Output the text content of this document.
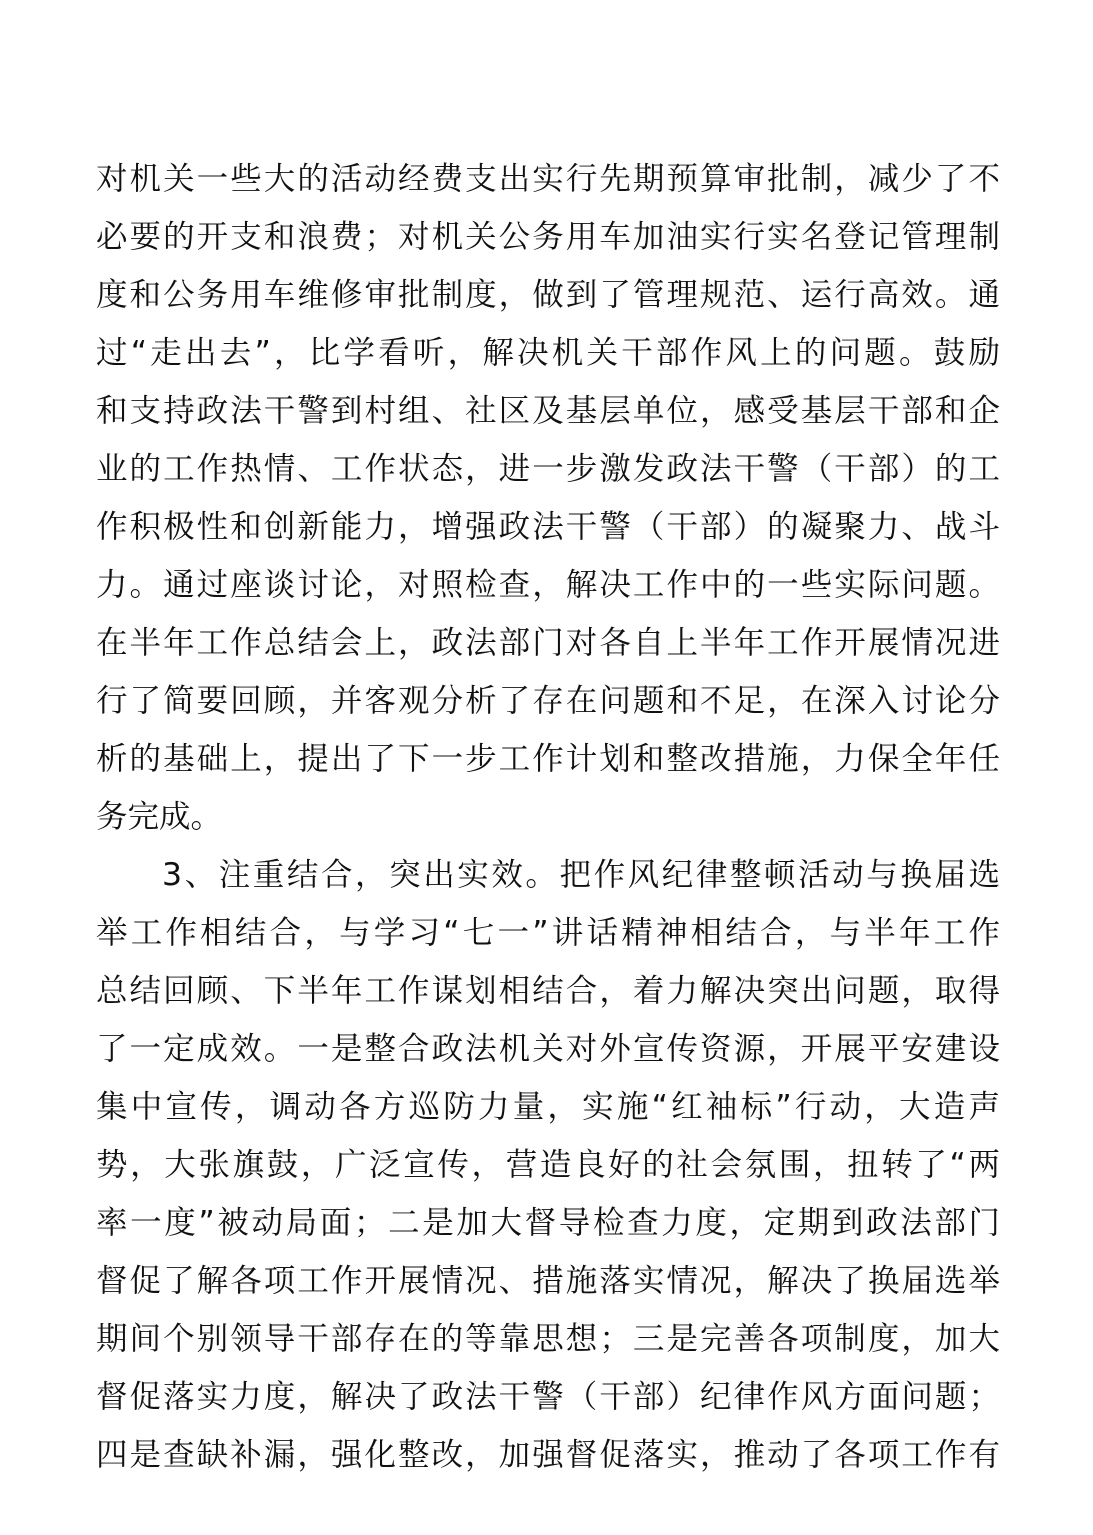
对机关一些大的活动经费支出实行先期预算审批制，减少了不
必要的开支和浪费；对机关公务用车加油实行实名登记管理制
度和公务用车维修审批制度，做到了管理规范、运行高效。通
过“走出去”，比学看听，解决机关干部作风上的问题。鼓励
和支持政法干警到村组、社区及基层单位，感受基层干部和企
业的工作热情、工作状态，进一步激发政法干警（干部）的工
作积极性和创新能力，增强政法干警（干部）的凝聚力、战斗
力。通过座谈讨论，对照检查，解决工作中的一些实际问题。
在半年工作总结会上，政法部门对各自上半年工作开展情况进
行了简要回顾，并客观分析了存在问题和不足，在深入讨论分
析的基础上，提出了下一步工作计划和整改措施，力保全年任
务完成。
3、注重结合，突出实效。把作风纪律整顿活动与换届选
举工作相结合，与学习“七一”讲话精神相结合，与半年工作
总结回顾、下半年工作谋划相结合，着力解决突出问题，取得
了一定成效。一是整合政法机关对外宣传资源，开展平安建设
集中宣传，调动各方巡防力量，实施“红袖标”行动，大造声
势，大张旗鼓，广泛宣传，营造良好的社会氛围，扭转了“两
率一度”被动局面；二是加大督导检查力度，定期到政法部门
督促了解各项工作开展情况、措施落实情况，解决了换届选举
期间个别领导干部存在的等靠思想；三是完善各项制度，加大
督促落实力度，解决了政法干警（干部）纪律作风方面问题；
四是查缺补漏，强化整改，加强督促落实，推动了各项工作有
